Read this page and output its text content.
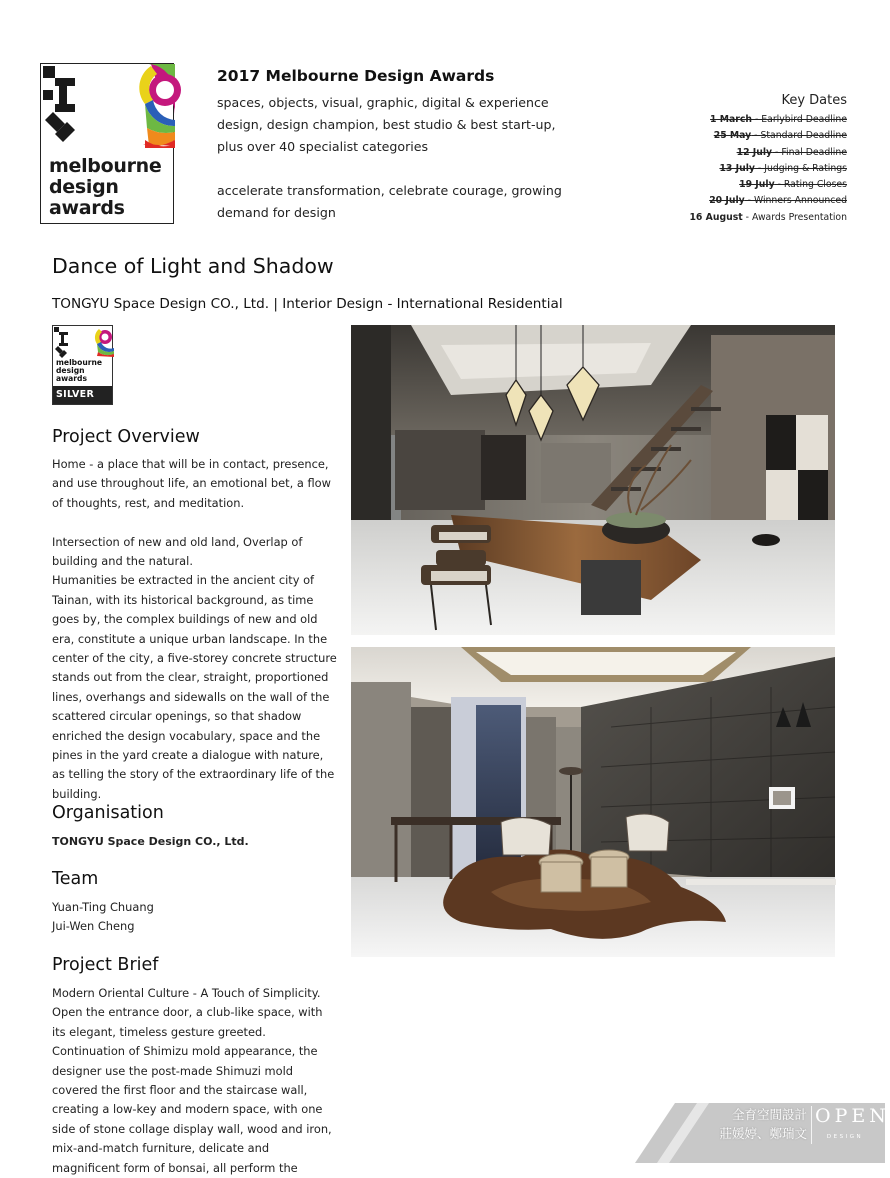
melbourne
design
awards
2017 Melbourne Design Awards

spaces, objects, visual, graphic, digital & experience design, design champion, best studio & best start-up, plus over 40 specialist categories

accelerate transformation, celebrate courage, growing demand for design

Key Dates
1 March - Earlybird Deadline
25 May - Standard Deadline
12 July - Final Deadline
13 July - Judging & Ratings
19 July - Rating Closes
20 July - Winners Announced
16 August - Awards Presentation
Dance of Light and Shadow
TONGYU Space Design CO., Ltd. | Interior Design - International Residential
melbourne
design
awards
SILVER
Project Overview

Home - a place that will be in contact, presence, and use throughout life, an emotional bet, a flow of thoughts, rest, and meditation.

Intersection of new and old land, Overlap of building and the natural.

Humanities be extracted in the ancient city of Tainan, with its historical background, as time goes by, the complex buildings of new and old era, constitute a unique urban landscape. In the center of the city, a five-storey concrete structure stands out from the clear, straight, proportioned lines, overhangs and sidewalls on the wall of the scattered circular openings, so that shadow enriched the design vocabulary, space and the pines in the yard create a dialogue with nature, as telling the story of the extraordinary life of the building.

Organisation
TONGYU Space Design CO., Ltd.
Team

Yuan-Ting Chuang

Jui-Wen Cheng

Project Brief
Modern Oriental Culture - A Touch of Simplicity. Open the entrance door, a club-like space, with its elegant, timeless gesture greeted. Continuation of Shimizu mold appearance, the designer use the post-made Shimuzi mold covered the first floor and the staircase wall, creating a low-key and modern space, with one side of stone collage display wall, wood and iron, mix-and-match furniture, delicate and magnificent form of bonsai, all perform the
全育空間設計
莊媛婷、鄭瑞文
OPEN
DESIGN
